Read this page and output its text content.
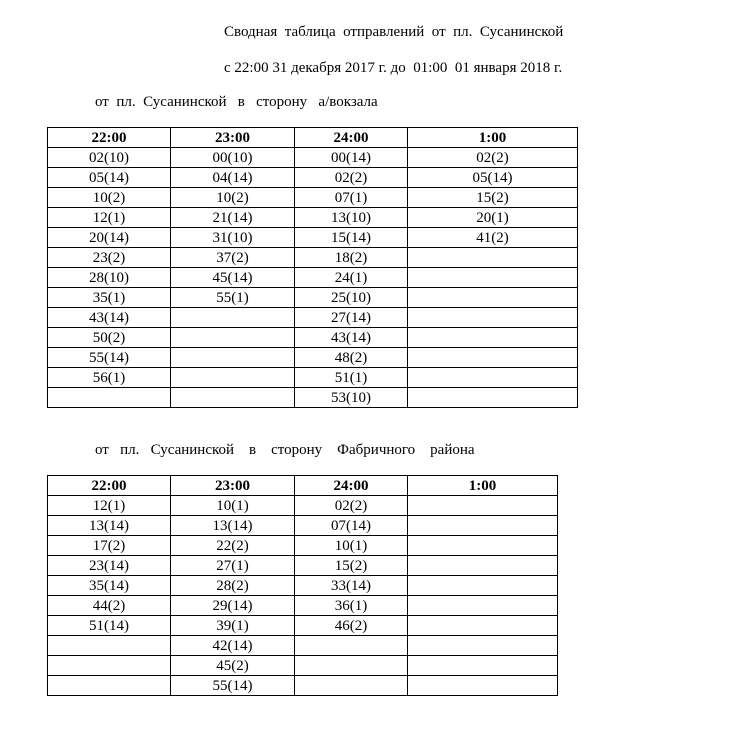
Сводная  таблица  отправлений  от  пл.  Сусанинской
с 22:00 31 декабря 2017 г. до  01:00  01 января 2018 г.
от  пл.  Сусанинской   в   сторону   а/вокзала
22:00	23:00	24:00	1:00
02(10)	00(10)	00(14)	02(2)
05(14)	04(14)	02(2)	05(14)
10(2)	10(2)	07(1)	15(2)
12(1)	21(14)	13(10)	20(1)
20(14)	31(10)	15(14)	41(2)
23(2)	37(2)	18(2)	
28(10)	45(14)	24(1)	
35(1)	55(1)	25(10)	
43(14)		27(14)	
50(2)		43(14)	
55(14)		48(2)	
56(1)		51(1)	
		53(10)	
от   пл.   Сусанинской    в    сторону    Фабричного    района
22:00	23:00	24:00	1:00
12(1)	10(1)	02(2)	
13(14)	13(14)	07(14)	
17(2)	22(2)	10(1)	
23(14)	27(1)	15(2)	
35(14)	28(2)	33(14)	
44(2)	29(14)	36(1)	
51(14)	39(1)	46(2)	
	42(14)		
	45(2)		
	55(14)		
